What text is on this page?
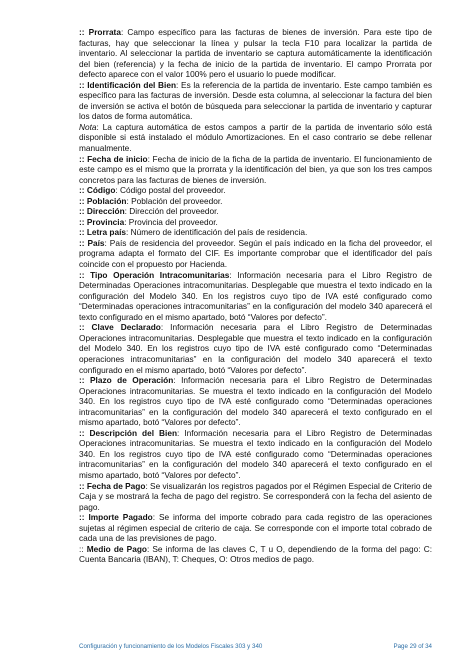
:: Prorrata: Campo específico para las facturas de bienes de inversión. Para este tipo de facturas, hay que seleccionar la línea y pulsar la tecla F10 para localizar la partida de inventario. Al seleccionar la partida de inventario se captura automáticamente la identificación del bien (referencia) y la fecha de inicio de la partida de inventario. El campo Prorrata por defecto aparece con el valor 100% pero el usuario lo puede modificar.

:: Identificación del Bien: Es la referencia de la partida de inventario. Este campo también es específico para las facturas de inversión. Desde esta columna, al seleccionar la factura del bien de inversión se activa el botón de búsqueda para seleccionar la partida de inventario y capturar los datos de forma automática.

Nota: La captura automática de estos campos a partir de la partida de inventario sólo está disponible si está instalado el módulo Amortizaciones. En el caso contrario se debe rellenar manualmente.

:: Fecha de inicio: Fecha de inicio de la ficha de la partida de inventario. El funcionamiento de este campo es el mismo que la prorrata y la identificación del bien, ya que son los tres campos concretos para las facturas de bienes de inversión.

:: Código: Código postal del proveedor.

:: Población: Población del proveedor.

:: Dirección: Dirección del proveedor.

:: Provincia: Provincia del proveedor.

:: Letra país: Número de identificación del país de residencia.

:: País: País de residencia del proveedor. Según el país indicado en la ficha del proveedor, el programa adapta el formato del CIF. Es importante comprobar que el identificador del país coincide con el propuesto por Hacienda.

:: Tipo Operación Intracomunitarias: Información necesaria para el Libro Registro de Determinadas Operaciones intracomunitarias. Desplegable que muestra el texto indicado en la configuración del Modelo 340. En los registros cuyo tipo de IVA esté configurado como “Determinadas operaciones intracomunitarias” en la configuración del modelo 340 aparecerá el texto configurado en el mismo apartado, botó “Valores por defecto”.

:: Clave Declarado: Información necesaria para el Libro Registro de Determinadas Operaciones intracomunitarias. Desplegable que muestra el texto indicado en la configuración del Modelo 340. En los registros cuyo tipo de IVA esté configurado como “Determinadas operaciones intracomunitarias” en la configuración del modelo 340 aparecerá el texto configurado en el mismo apartado, botó “Valores por defecto”.

:: Plazo de Operación: Información necesaria para el Libro Registro de Determinadas Operaciones intracomunitarias. Se muestra el texto indicado en la configuración del Modelo 340. En los registros cuyo tipo de IVA esté configurado como “Determinadas operaciones intracomunitarias” en la configuración del modelo 340 aparecerá el texto configurado en el mismo apartado, botó “Valores por defecto”.

:: Descripción del Bien: Información necesaria para el Libro Registro de Determinadas Operaciones intracomunitarias. Se muestra el texto indicado en la configuración del Modelo 340. En los registros cuyo tipo de IVA esté configurado como “Determinadas operaciones intracomunitarias” en la configuración del modelo 340 aparecerá el texto configurado en el mismo apartado, botó “Valores por defecto”.

:: Fecha de Pago: Se visualizarán los registros pagados por el Régimen Especial de Criterio de Caja y se mostrará la fecha de pago del registro. Se corresponderá con la fecha del asiento de pago.

:: Importe Pagado: Se informa del importe cobrado para cada registro de las operaciones sujetas al régimen especial de criterio de caja. Se corresponde con el importe total cobrado de cada una de las previsiones de pago.

:: Medio de Pago: Se informa de las claves C, T u O, dependiendo de la forma del pago: C: Cuenta Bancaria (IBAN), T: Cheques, O: Otros medios de pago.

Configuración y funcionamiento de los Modelos Fiscales 303 y 340	Page 29 of 34
